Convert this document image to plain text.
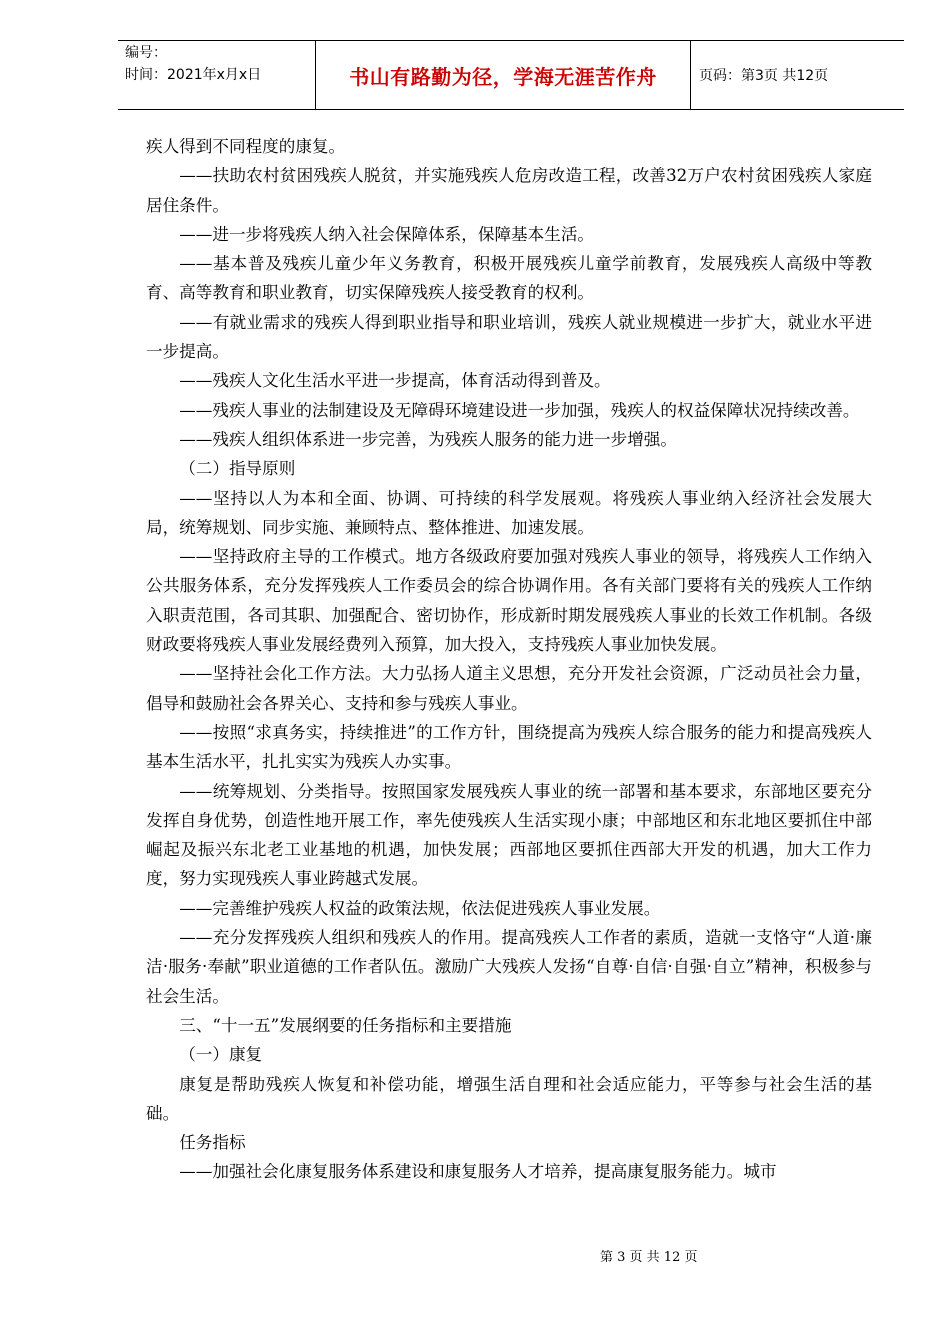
编号：
时间：2021年x月x日	书山有路勤为径，学海无涯苦作舟	页码：第3页 共12页

疾人得到不同程度的康复。

——扶助农村贫困残疾人脱贫，并实施残疾人危房改造工程，改善32万户农村贫困残疾人家庭居住条件。

——进一步将残疾人纳入社会保障体系，保障基本生活。

——基本普及残疾儿童少年义务教育，积极开展残疾儿童学前教育，发展残疾人高级中等教育、高等教育和职业教育，切实保障残疾人接受教育的权利。

——有就业需求的残疾人得到职业指导和职业培训，残疾人就业规模进一步扩大，就业水平进一步提高。

——残疾人文化生活水平进一步提高，体育活动得到普及。

——残疾人事业的法制建设及无障碍环境建设进一步加强，残疾人的权益保障状况持续改善。

——残疾人组织体系进一步完善，为残疾人服务的能力进一步增强。

（二）指导原则

——坚持以人为本和全面、协调、可持续的科学发展观。将残疾人事业纳入经济社会发展大局，统筹规划、同步实施、兼顾特点、整体推进、加速发展。

——坚持政府主导的工作模式。地方各级政府要加强对残疾人事业的领导，将残疾人工作纳入公共服务体系，充分发挥残疾人工作委员会的综合协调作用。各有关部门要将有关的残疾人工作纳入职责范围，各司其职、加强配合、密切协作，形成新时期发展残疾人事业的长效工作机制。各级财政要将残疾人事业发展经费列入预算，加大投入，支持残疾人事业加快发展。

——坚持社会化工作方法。大力弘扬人道主义思想，充分开发社会资源，广泛动员社会力量，倡导和鼓励社会各界关心、支持和参与残疾人事业。

——按照“求真务实，持续推进”的工作方针，围绕提高为残疾人综合服务的能力和提高残疾人基本生活水平，扎扎实实为残疾人办实事。

——统筹规划、分类指导。按照国家发展残疾人事业的统一部署和基本要求，东部地区要充分发挥自身优势，创造性地开展工作，率先使残疾人生活实现小康；中部地区和东北地区要抓住中部崛起及振兴东北老工业基地的机遇，加快发展；西部地区要抓住西部大开发的机遇，加大工作力度，努力实现残疾人事业跨越式发展。

——完善维护残疾人权益的政策法规，依法促进残疾人事业发展。

——充分发挥残疾人组织和残疾人的作用。提高残疾人工作者的素质，造就一支恪守“人道·廉洁·服务·奉献”职业道德的工作者队伍。激励广大残疾人发扬“自尊·自信·自强·自立”精神，积极参与社会生活。

三、“十一五”发展纲要的任务指标和主要措施

（一）康复

康复是帮助残疾人恢复和补偿功能，增强生活自理和社会适应能力，平等参与社会生活的基础。

任务指标

——加强社会化康复服务体系建设和康复服务人才培养，提高康复服务能力。城市

第 3 页 共 12 页
